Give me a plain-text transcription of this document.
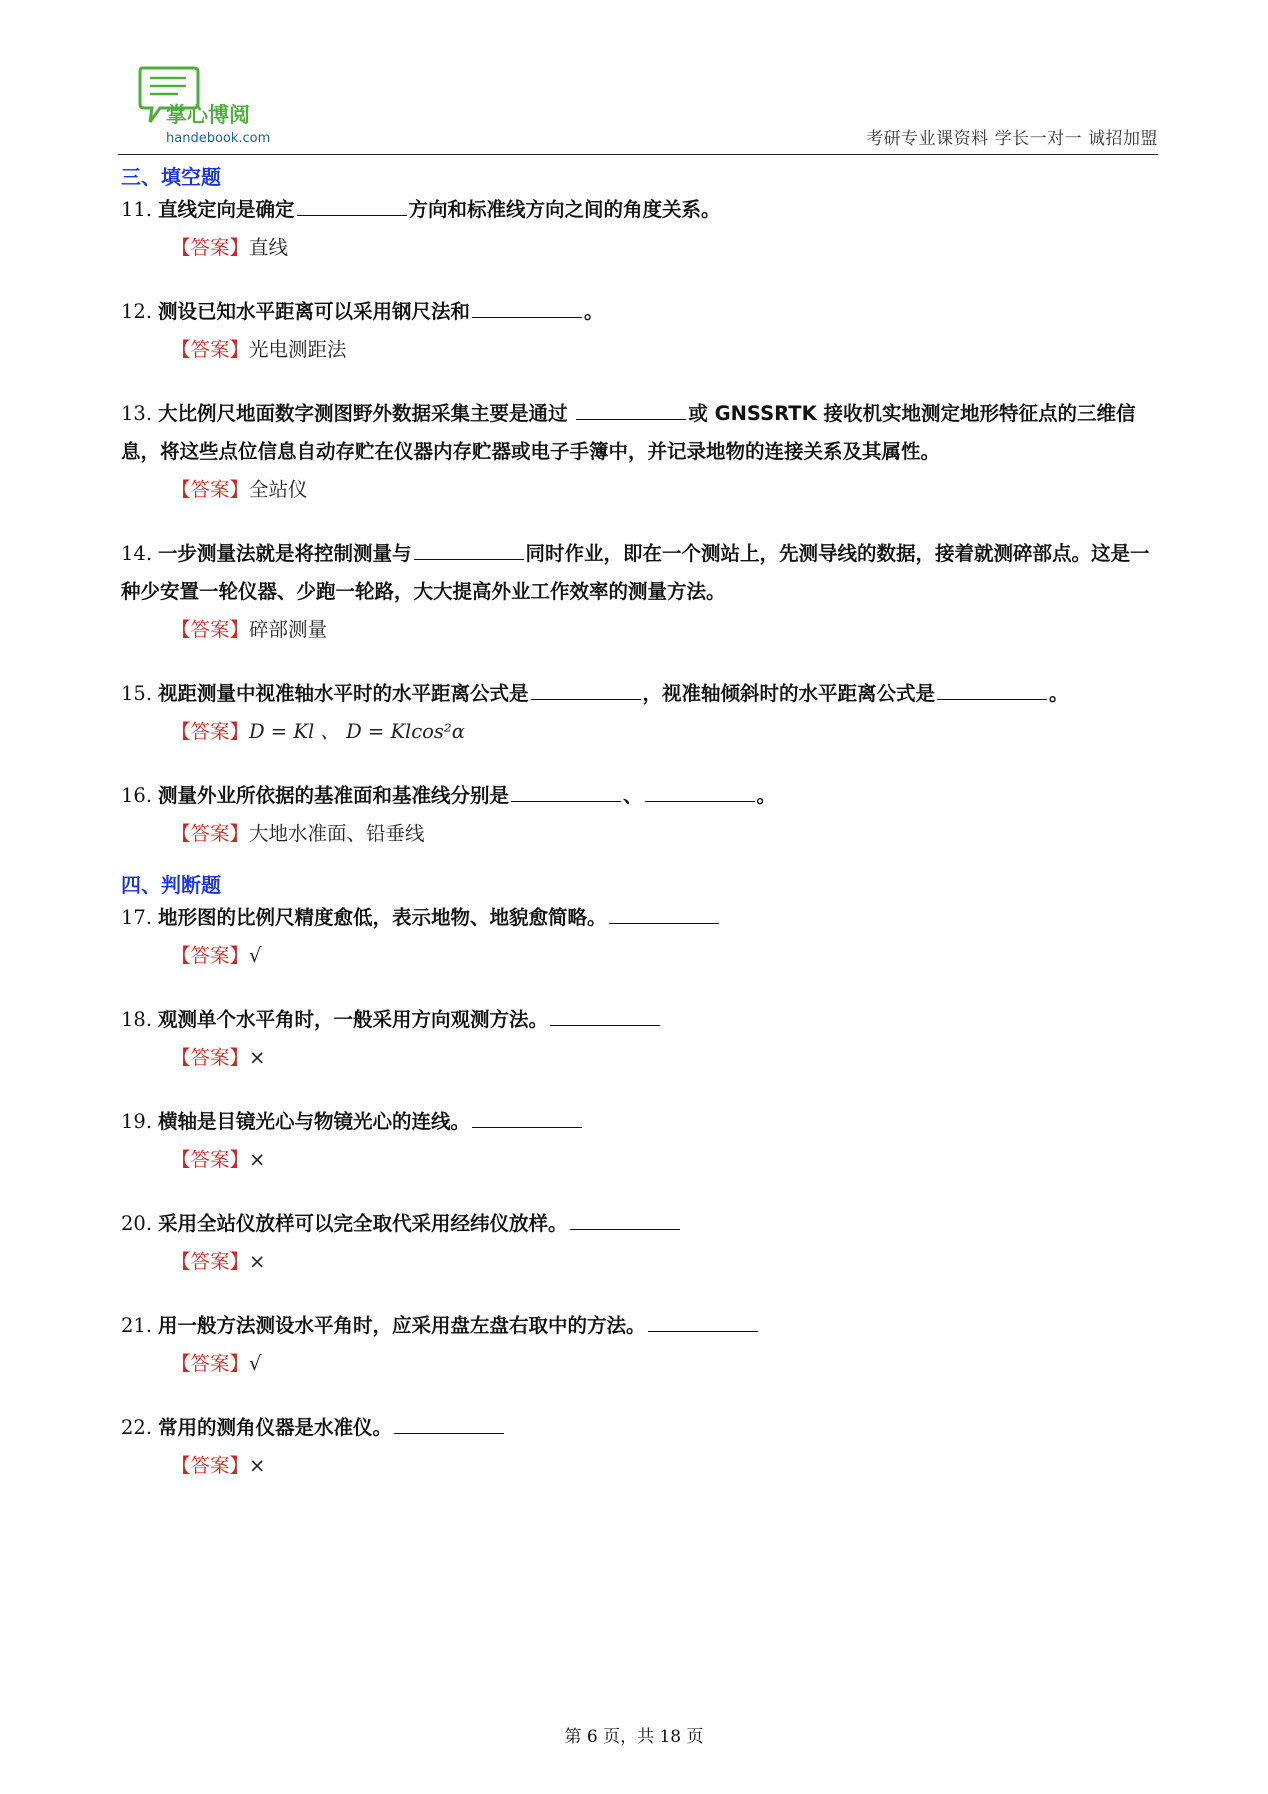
掌心博阅
handebook.com	考研专业课资料 学长一对一 诚招加盟
三、填空题
11. 直线定向是确定	方向和标准线方向之间的角度关系。
【答案】直线
12. 测设已知水平距离可以采用钢尺法和	。
【答案】光电测距法
13. 大比例尺地面数字测图野外数据采集主要是通过	或 GNSSRTK 接收机实地测定地形特征点的三维信息，将这些点位信息自动存贮在仪器内存贮器或电子手簿中，并记录地物的连接关系及其属性。
【答案】全站仪
14. 一步测量法就是将控制测量与	同时作业，即在一个测站上，先测导线的数据，接着就测碎部点。这是一种少安置一轮仪器、少跑一轮路，大大提高外业工作效率的测量方法。
【答案】碎部测量
15. 视距测量中视准轴水平时的水平距离公式是	，视准轴倾斜时的水平距离公式是	。
【答案】D = Kl 、 D = Klcos²α
16. 测量外业所依据的基准面和基准线分别是	、	。
【答案】大地水准面、铅垂线
四、判断题
17. 地形图的比例尺精度愈低，表示地物、地貌愈简略。
【答案】√
18. 观测单个水平角时，一般采用方向观测方法。
【答案】×
19. 横轴是目镜光心与物镜光心的连线。
【答案】×
20. 采用全站仪放样可以完全取代采用经纬仪放样。
【答案】×
21. 用一般方法测设水平角时，应采用盘左盘右取中的方法。
【答案】√
22. 常用的测角仪器是水准仪。
【答案】×
第 6 页，共 18 页
